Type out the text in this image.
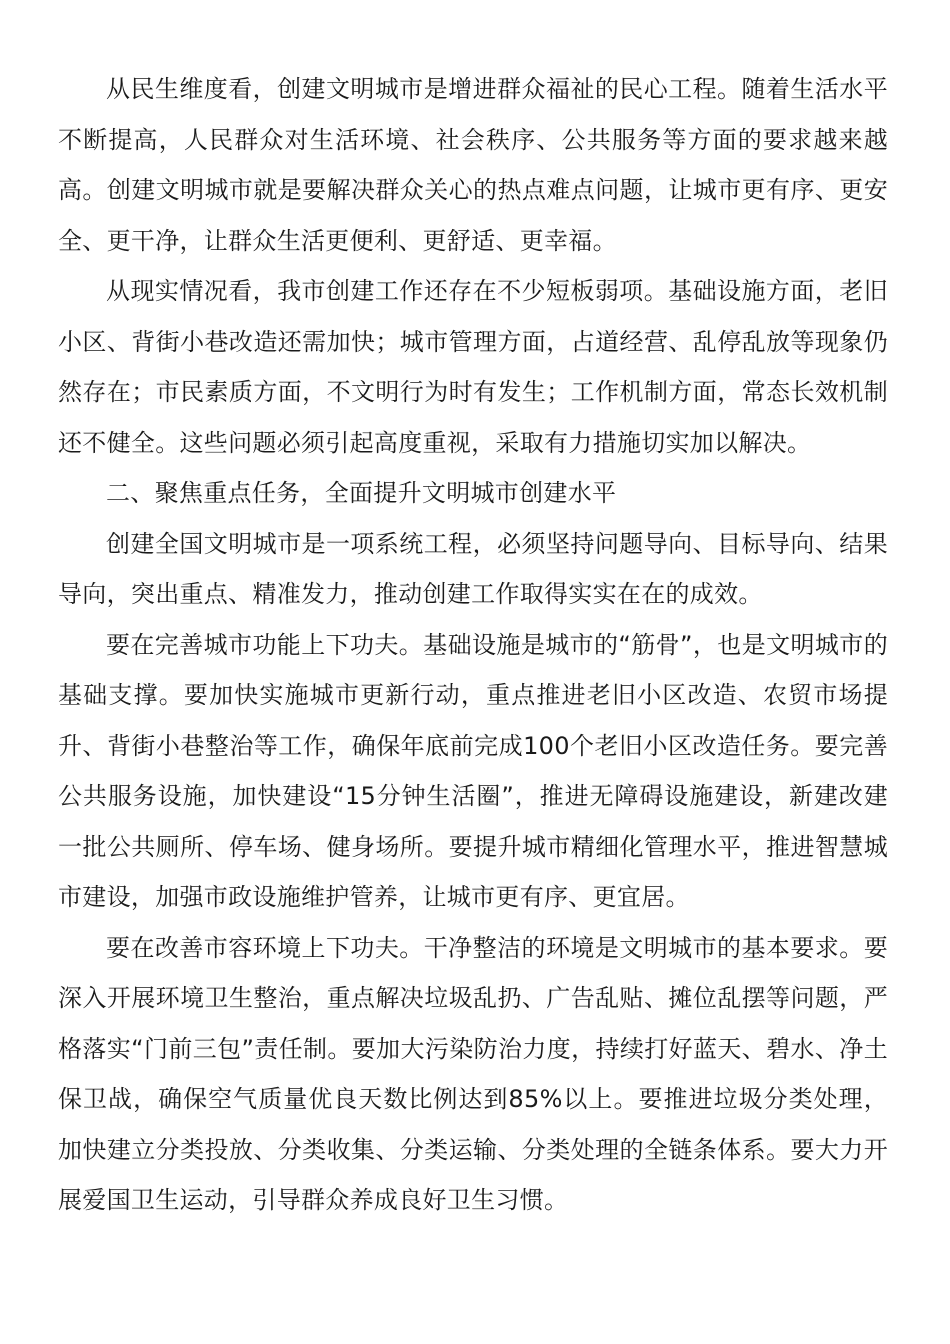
从民生维度看，创建文明城市是增进群众福祉的民心工程。随着生活水平不断提高，人民群众对生活环境、社会秩序、公共服务等方面的要求越来越高。创建文明城市就是要解决群众关心的热点难点问题，让城市更有序、更安全、更干净，让群众生活更便利、更舒适、更幸福。

从现实情况看，我市创建工作还存在不少短板弱项。基础设施方面，老旧小区、背街小巷改造还需加快；城市管理方面，占道经营、乱停乱放等现象仍然存在；市民素质方面，不文明行为时有发生；工作机制方面，常态长效机制还不健全。这些问题必须引起高度重视，采取有力措施切实加以解决。

二、聚焦重点任务，全面提升文明城市创建水平

创建全国文明城市是一项系统工程，必须坚持问题导向、目标导向、结果导向，突出重点、精准发力，推动创建工作取得实实在在的成效。

要在完善城市功能上下功夫。基础设施是城市的“筋骨”，也是文明城市的基础支撑。要加快实施城市更新行动，重点推进老旧小区改造、农贸市场提升、背街小巷整治等工作，确保年底前完成100个老旧小区改造任务。要完善公共服务设施，加快建设“15分钟生活圈”，推进无障碍设施建设，新建改建一批公共厕所、停车场、健身场所。要提升城市精细化管理水平，推进智慧城市建设，加强市政设施维护管养，让城市更有序、更宜居。

要在改善市容环境上下功夫。干净整洁的环境是文明城市的基本要求。要深入开展环境卫生整治，重点解决垃圾乱扔、广告乱贴、摊位乱摆等问题，严格落实“门前三包”责任制。要加大污染防治力度，持续打好蓝天、碧水、净土保卫战，确保空气质量优良天数比例达到85%以上。要推进垃圾分类处理，加快建立分类投放、分类收集、分类运输、分类处理的全链条体系。要大力开展爱国卫生运动，引导群众养成良好卫生习惯。
